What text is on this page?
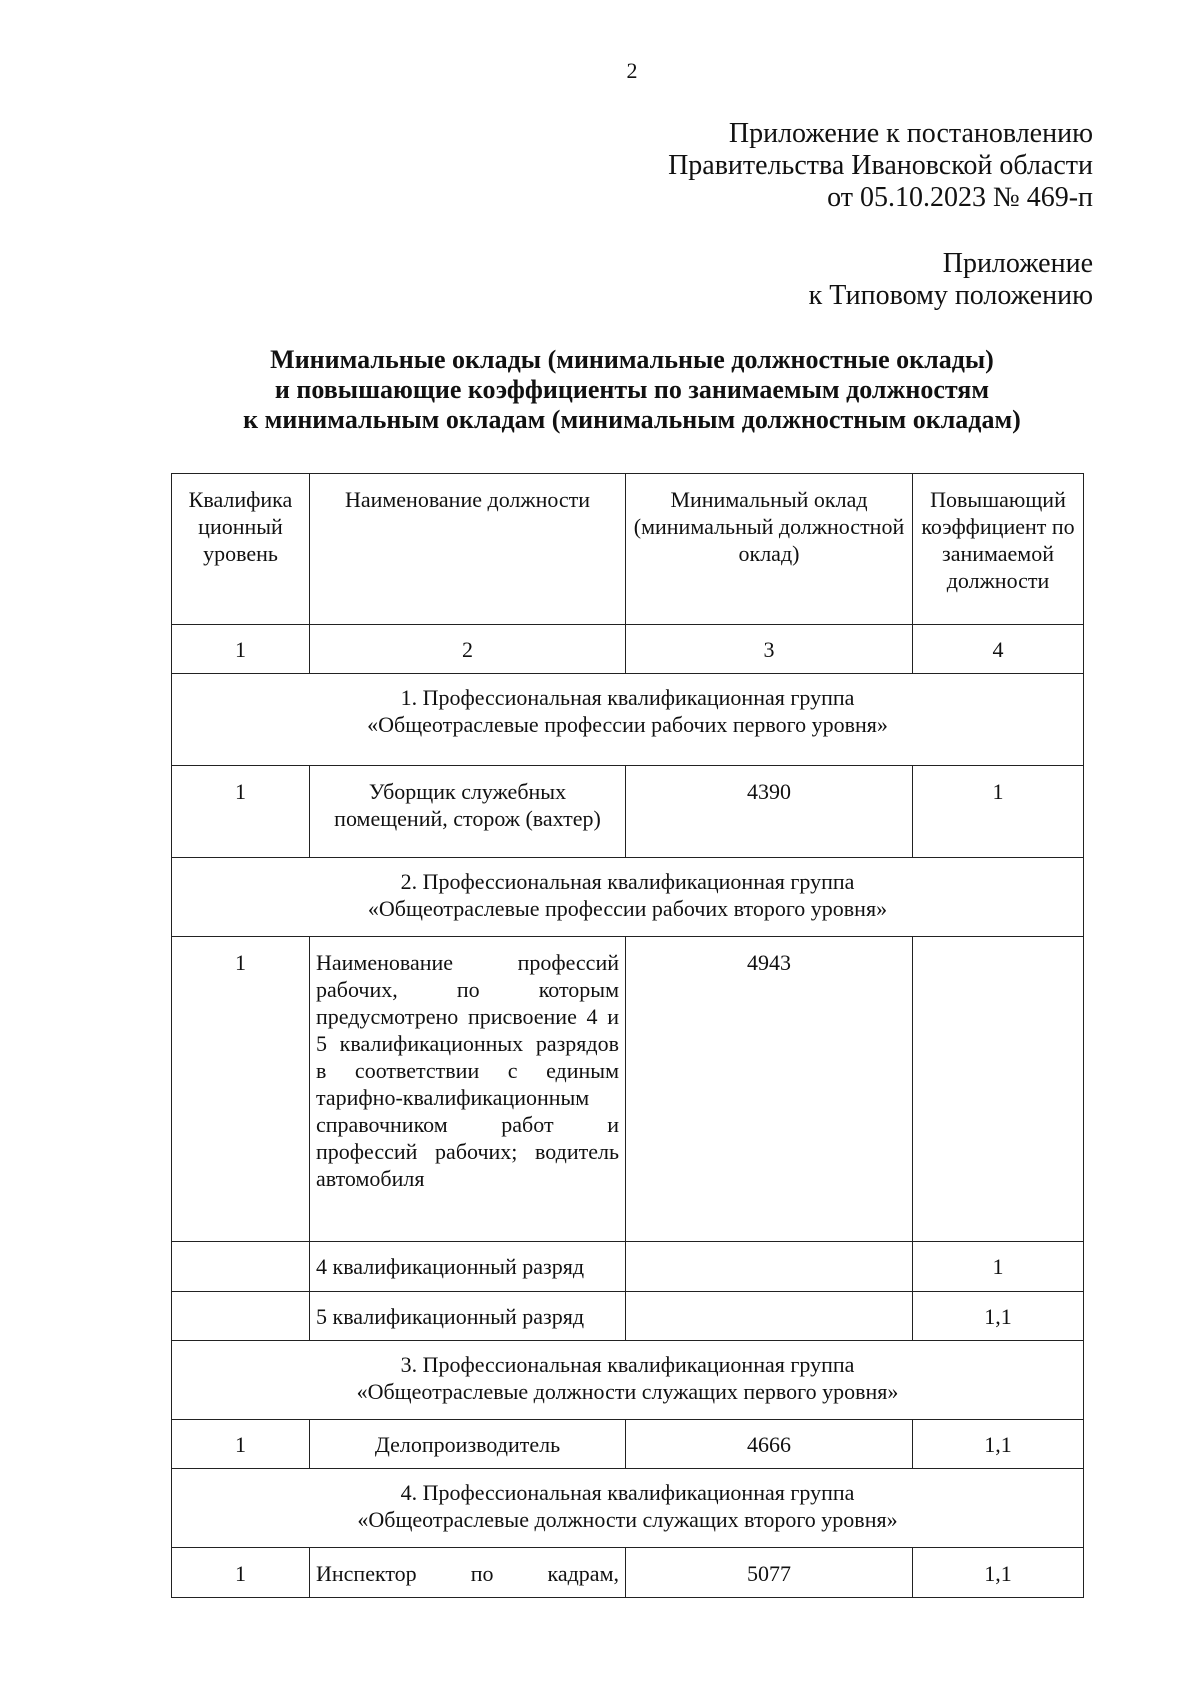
2
Приложение к постановлению
Правительства Ивановской области
от 05.10.2023 № 469-п
Приложение
к Типовому положению
Минимальные оклады (минимальные должностные оклады)
и повышающие коэффициенты по занимаемым должностям
к минимальным окладам (минимальным должностным окладам)
Квалифика ционный уровень	Наименование должности	Минимальный оклад (минимальный должностной оклад)	Повышающий коэффициент по занимаемой должности
1	2	3	4

1. Профессиональная квалификационная группа
«Общеотраслевые профессии рабочих первого уровня»			

1	Уборщик служебных помещений, сторож (вахтер)	4390	1

2. Профессиональная квалификационная группа
«Общеотраслевые профессии рабочих второго уровня»			

1	Наименование профессий рабочих, по которым предусмотрено присвоение 4 и 5 квалификационных разрядов в соответствии с единым тарифно-квалификационным справочником работ и профессий рабочих; водитель автомобиля	4943	
	4 квалификационный разряд		1
	5 квалификационный разряд		1,1

3. Профессиональная квалификационная группа
«Общеотраслевые должности служащих первого уровня»			

1	Делопроизводитель	4666	1,1

4. Профессиональная квалификационная группа
«Общеотраслевые должности служащих второго уровня»			

1	Инспектор по кадрам,	5077	1,1
